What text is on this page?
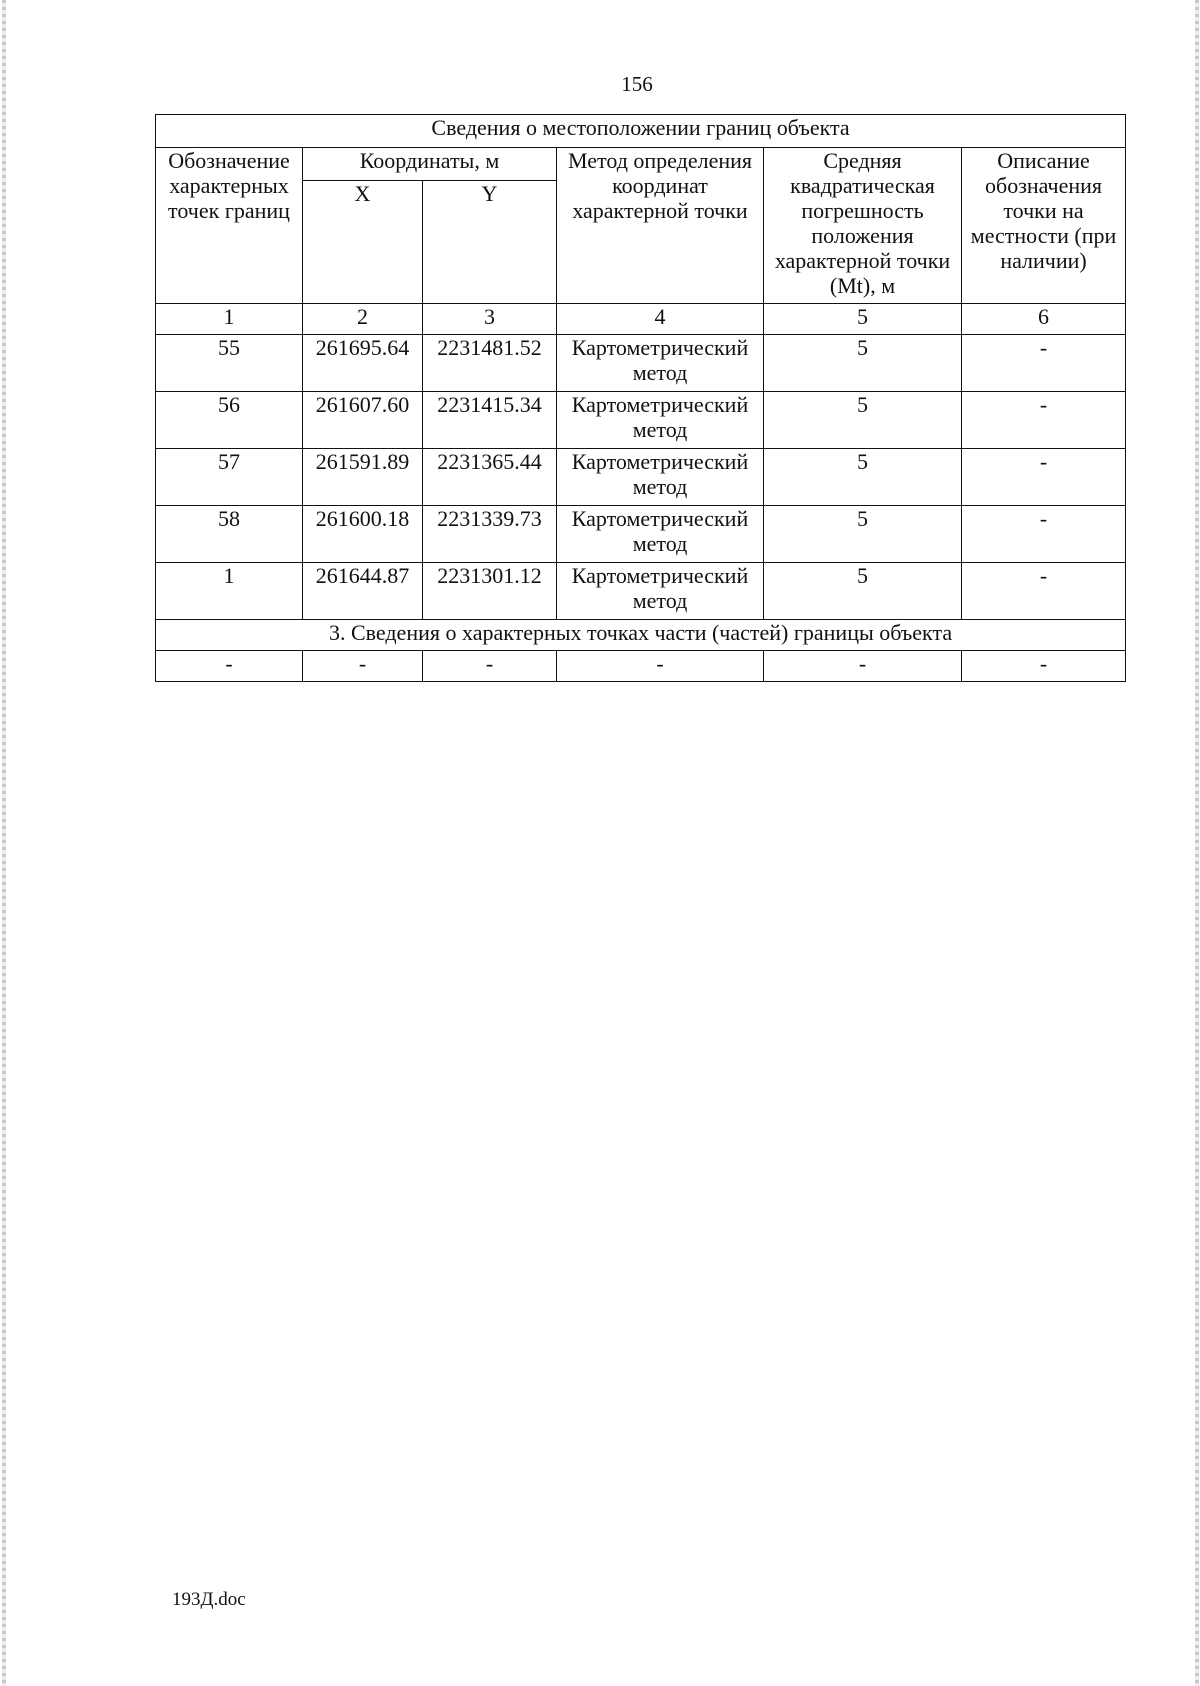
156
Сведения о местоположении границ объекта					
Обозначение характерных точек границ	Координаты, м		Метод определения координат характерной точки	Средняя квадратическая погрешность положения характерной точки (Mt), м	Описание обозначения точки на местности (при наличии)
	X	Y			
1	2	3	4	5	6
55	261695.64	2231481.52	Картометрический метод	5	-
56	261607.60	2231415.34	Картометрический метод	5	-
57	261591.89	2231365.44	Картометрический метод	5	-
58	261600.18	2231339.73	Картометрический метод	5	-
1	261644.87	2231301.12	Картометрический метод	5	-
3. Сведения о характерных точках части (частей) границы объекта					
-	-	-	-	-	-
193Д.doc
